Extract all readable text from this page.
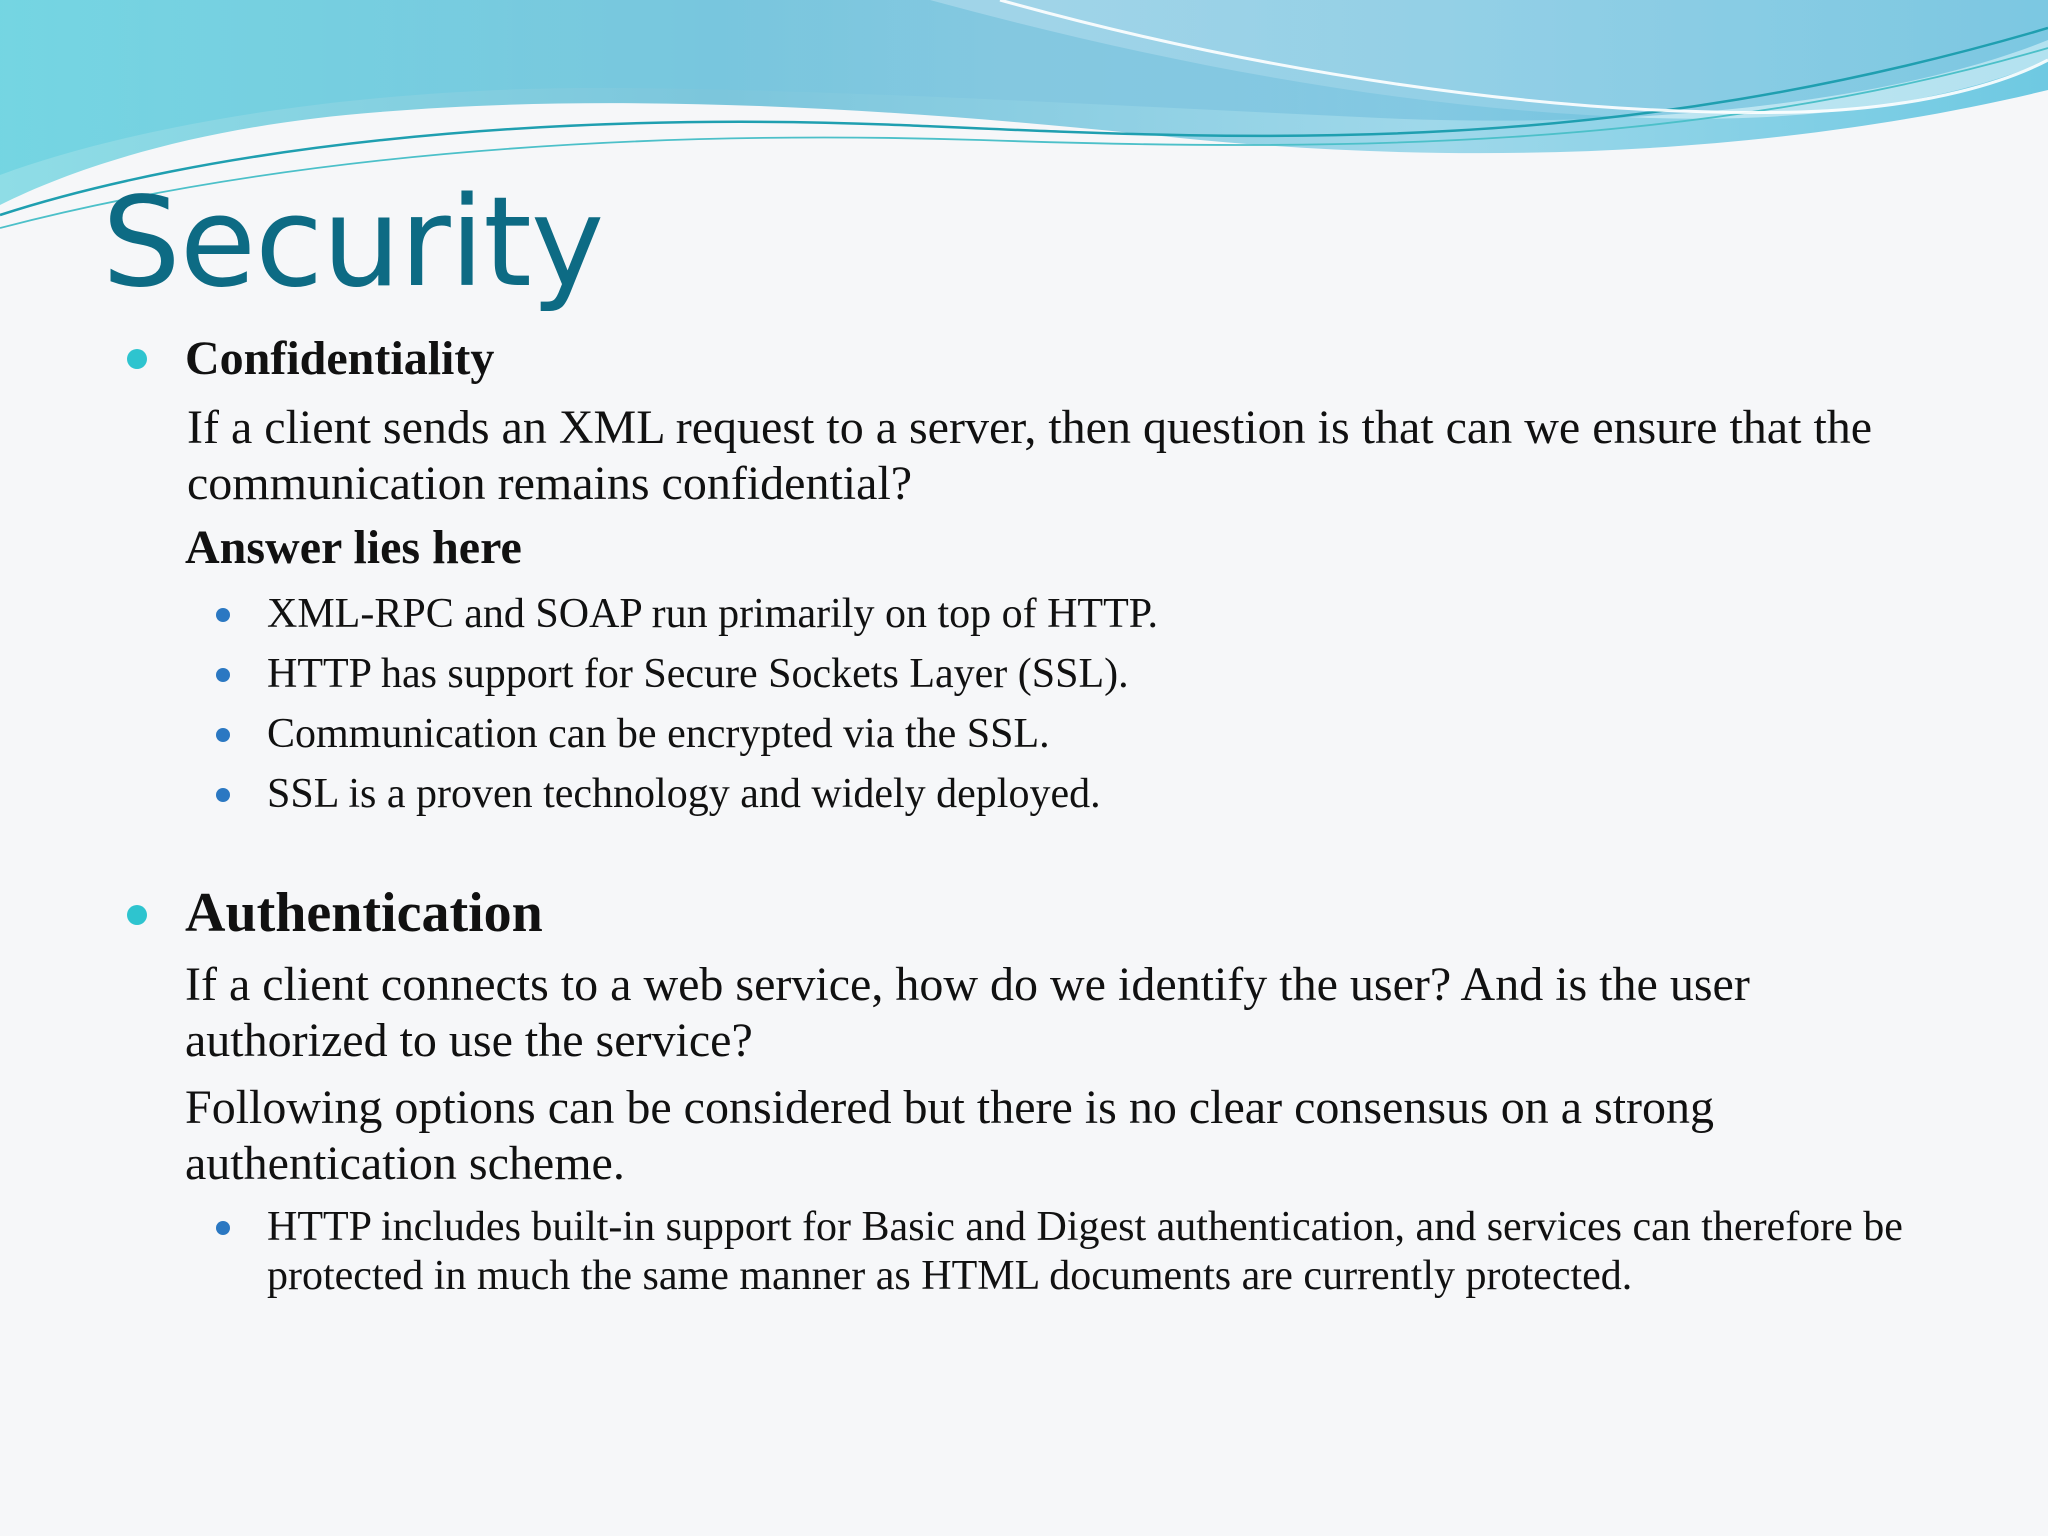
Security

Confidentiality

If a client sends an XML request to a server, then question is that can we ensure that the communication remains confidential?

Answer lies here

XML-RPC and SOAP run primarily on top of HTTP.

HTTP has support for Secure Sockets Layer (SSL).

Communication can be encrypted via the SSL.

SSL is a proven technology and widely deployed.

Authentication

If a client connects to a web service, how do we identify the user? And is the user authorized to use the service?

Following options can be considered but there is no clear consensus on a strong authentication scheme.

HTTP includes built-in support for Basic and Digest authentication, and services can therefore be protected in much the same manner as HTML documents are currently protected.
